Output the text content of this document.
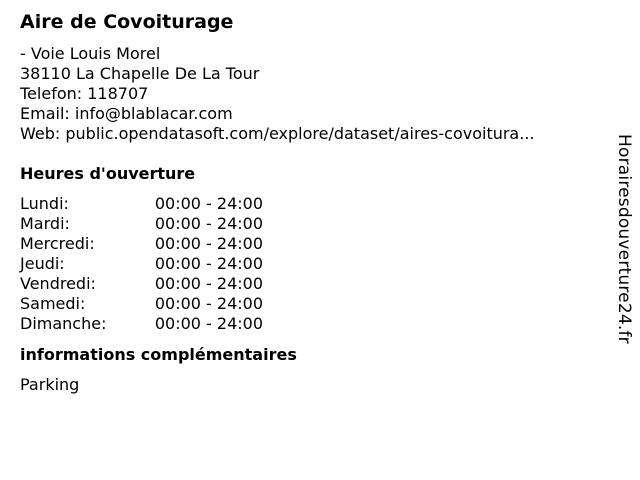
Aire de Covoiturage
- Voie Louis Morel
38110 La Chapelle De La Tour
Telefon: 118707
Email: info@blablacar.com
Web: public.opendatasoft.com/explore/dataset/aires-covoitura...
Heures d'ouverture
Lundi:	00:00 - 24:00
Mardi:	00:00 - 24:00
Mercredi:	00:00 - 24:00
Jeudi:	00:00 - 24:00
Vendredi:	00:00 - 24:00
Samedi:	00:00 - 24:00
Dimanche:	00:00 - 24:00
informations complémentaires
Parking
Horairesdouverture24.fr
